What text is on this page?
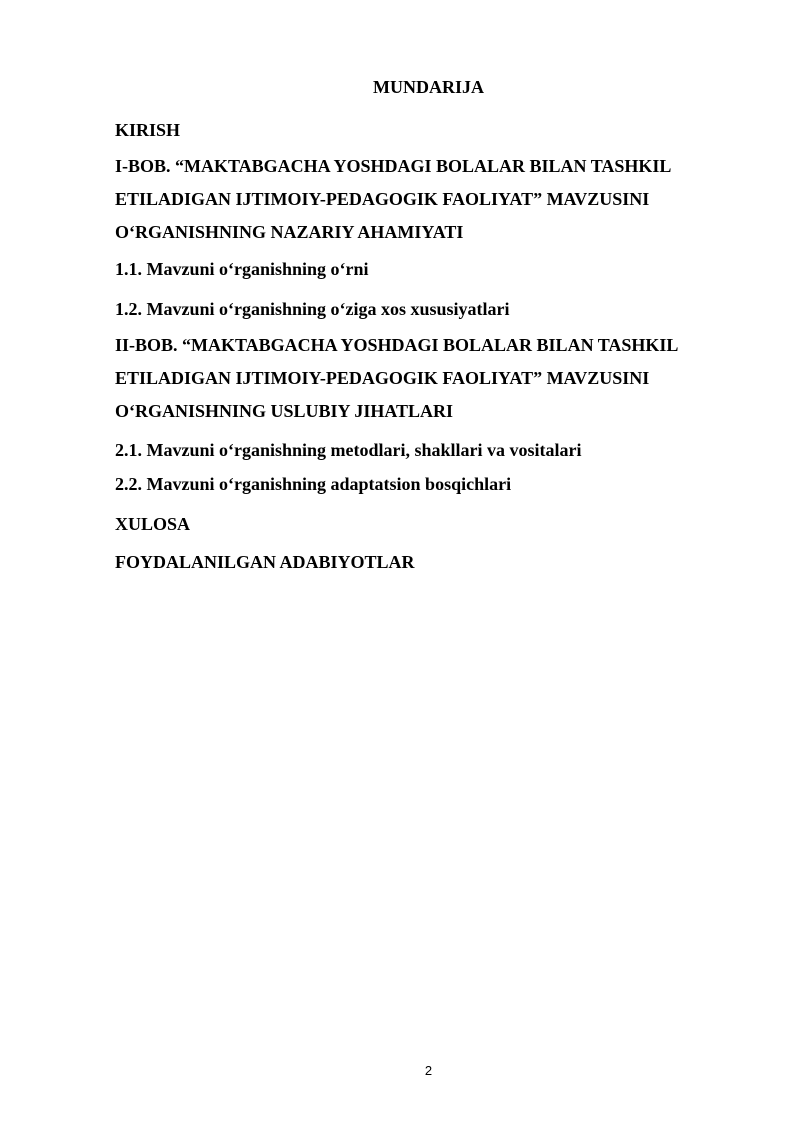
MUNDARIJA
KIRISH
I-BOB. “MAKTABGACHA YOSHDAGI BOLALAR BILAN TASHKIL
ETILADIGAN IJTIMOIY-PEDAGOGIK FAOLIYAT” MAVZUSINI
O‘RGANISHNING NAZARIY AHAMIYATI
1.1. Mavzuni o‘rganishning o‘rni
1.2. Mavzuni o‘rganishning o‘ziga xos xususiyatlari
II-BOB. “MAKTABGACHA YOSHDAGI BOLALAR BILAN TASHKIL
ETILADIGAN IJTIMOIY-PEDAGOGIK FAOLIYAT” MAVZUSINI
O‘RGANISHNING USLUBIY JIHATLARI
2.1. Mavzuni o‘rganishning metodlari, shakllari va vositalari
2.2. Mavzuni o‘rganishning adaptatsion bosqichlari
XULOSA
FOYDALANILGAN ADABIYOTLAR
2
